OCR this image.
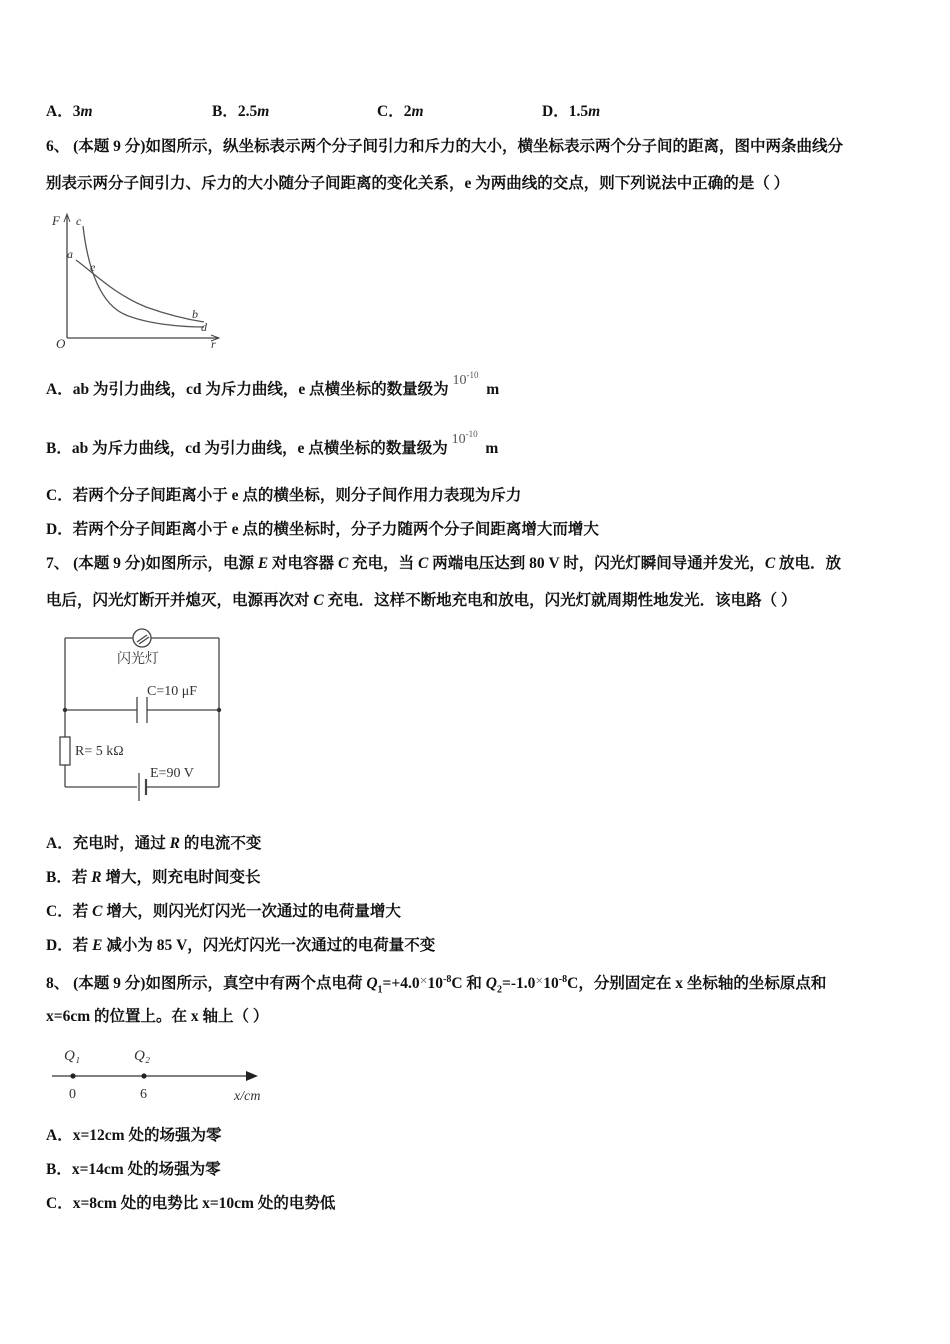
A．3m	B．2.5m	C．2m	D．1.5m
6、 (本题 9 分)如图所示，纵坐标表示两个分子间引力和斥力的大小，横坐标表示两个分子间的距离，图中两条曲线分
别表示两分子间引力、斥力的大小随分子间距离的变化关系，e 为两曲线的交点，则下列说法中正确的是（ ）
F c
a
e
b
d
O	r
A．ab 为引力曲线，cd 为斥力曲线，e 点横坐标的数量级为 $10^{-10}$  m
B．ab 为斥力曲线，cd 为引力曲线，e 点横坐标的数量级为 $10^{-10}$  m
C．若两个分子间距离小于 e 点的横坐标，则分子间作用力表现为斥力
D．若两个分子间距离小于 e 点的横坐标时，分子力随两个分子间距离增大而增大
7、 (本题 9 分)如图所示，电源 E 对电容器 C 充电，当 C 两端电压达到 80 V 时，闪光灯瞬间导通并发光，C 放电．放
电后，闪光灯断开并熄灭，电源再次对 C 充电．这样不断地充电和放电，闪光灯就周期性地发光．该电路（ ）
闪光灯
C=10 μF
R= 5 kΩ
E=90 V
A．充电时，通过 R 的电流不变
B．若 R 增大，则充电时间变长
C．若 C 增大，则闪光灯闪光一次通过的电荷量增大
D．若 E 减小为 85 V，闪光灯闪光一次通过的电荷量不变
8、 (本题 9 分)如图所示，真空中有两个点电荷 $Q_1=+4.0\times 10^{-8}C$ 和 $Q_2=-1.0\times 10^{-8}C$，分别固定在 x 坐标轴的坐标原点和
x=6cm 的位置上。在 x 轴上（ ）
Q₁	Q₂
0	6	x/cm
A．x=12cm 处的场强为零
B．x=14cm 处的场强为零
C．x=8cm 处的电势比 x=10cm 处的电势低
